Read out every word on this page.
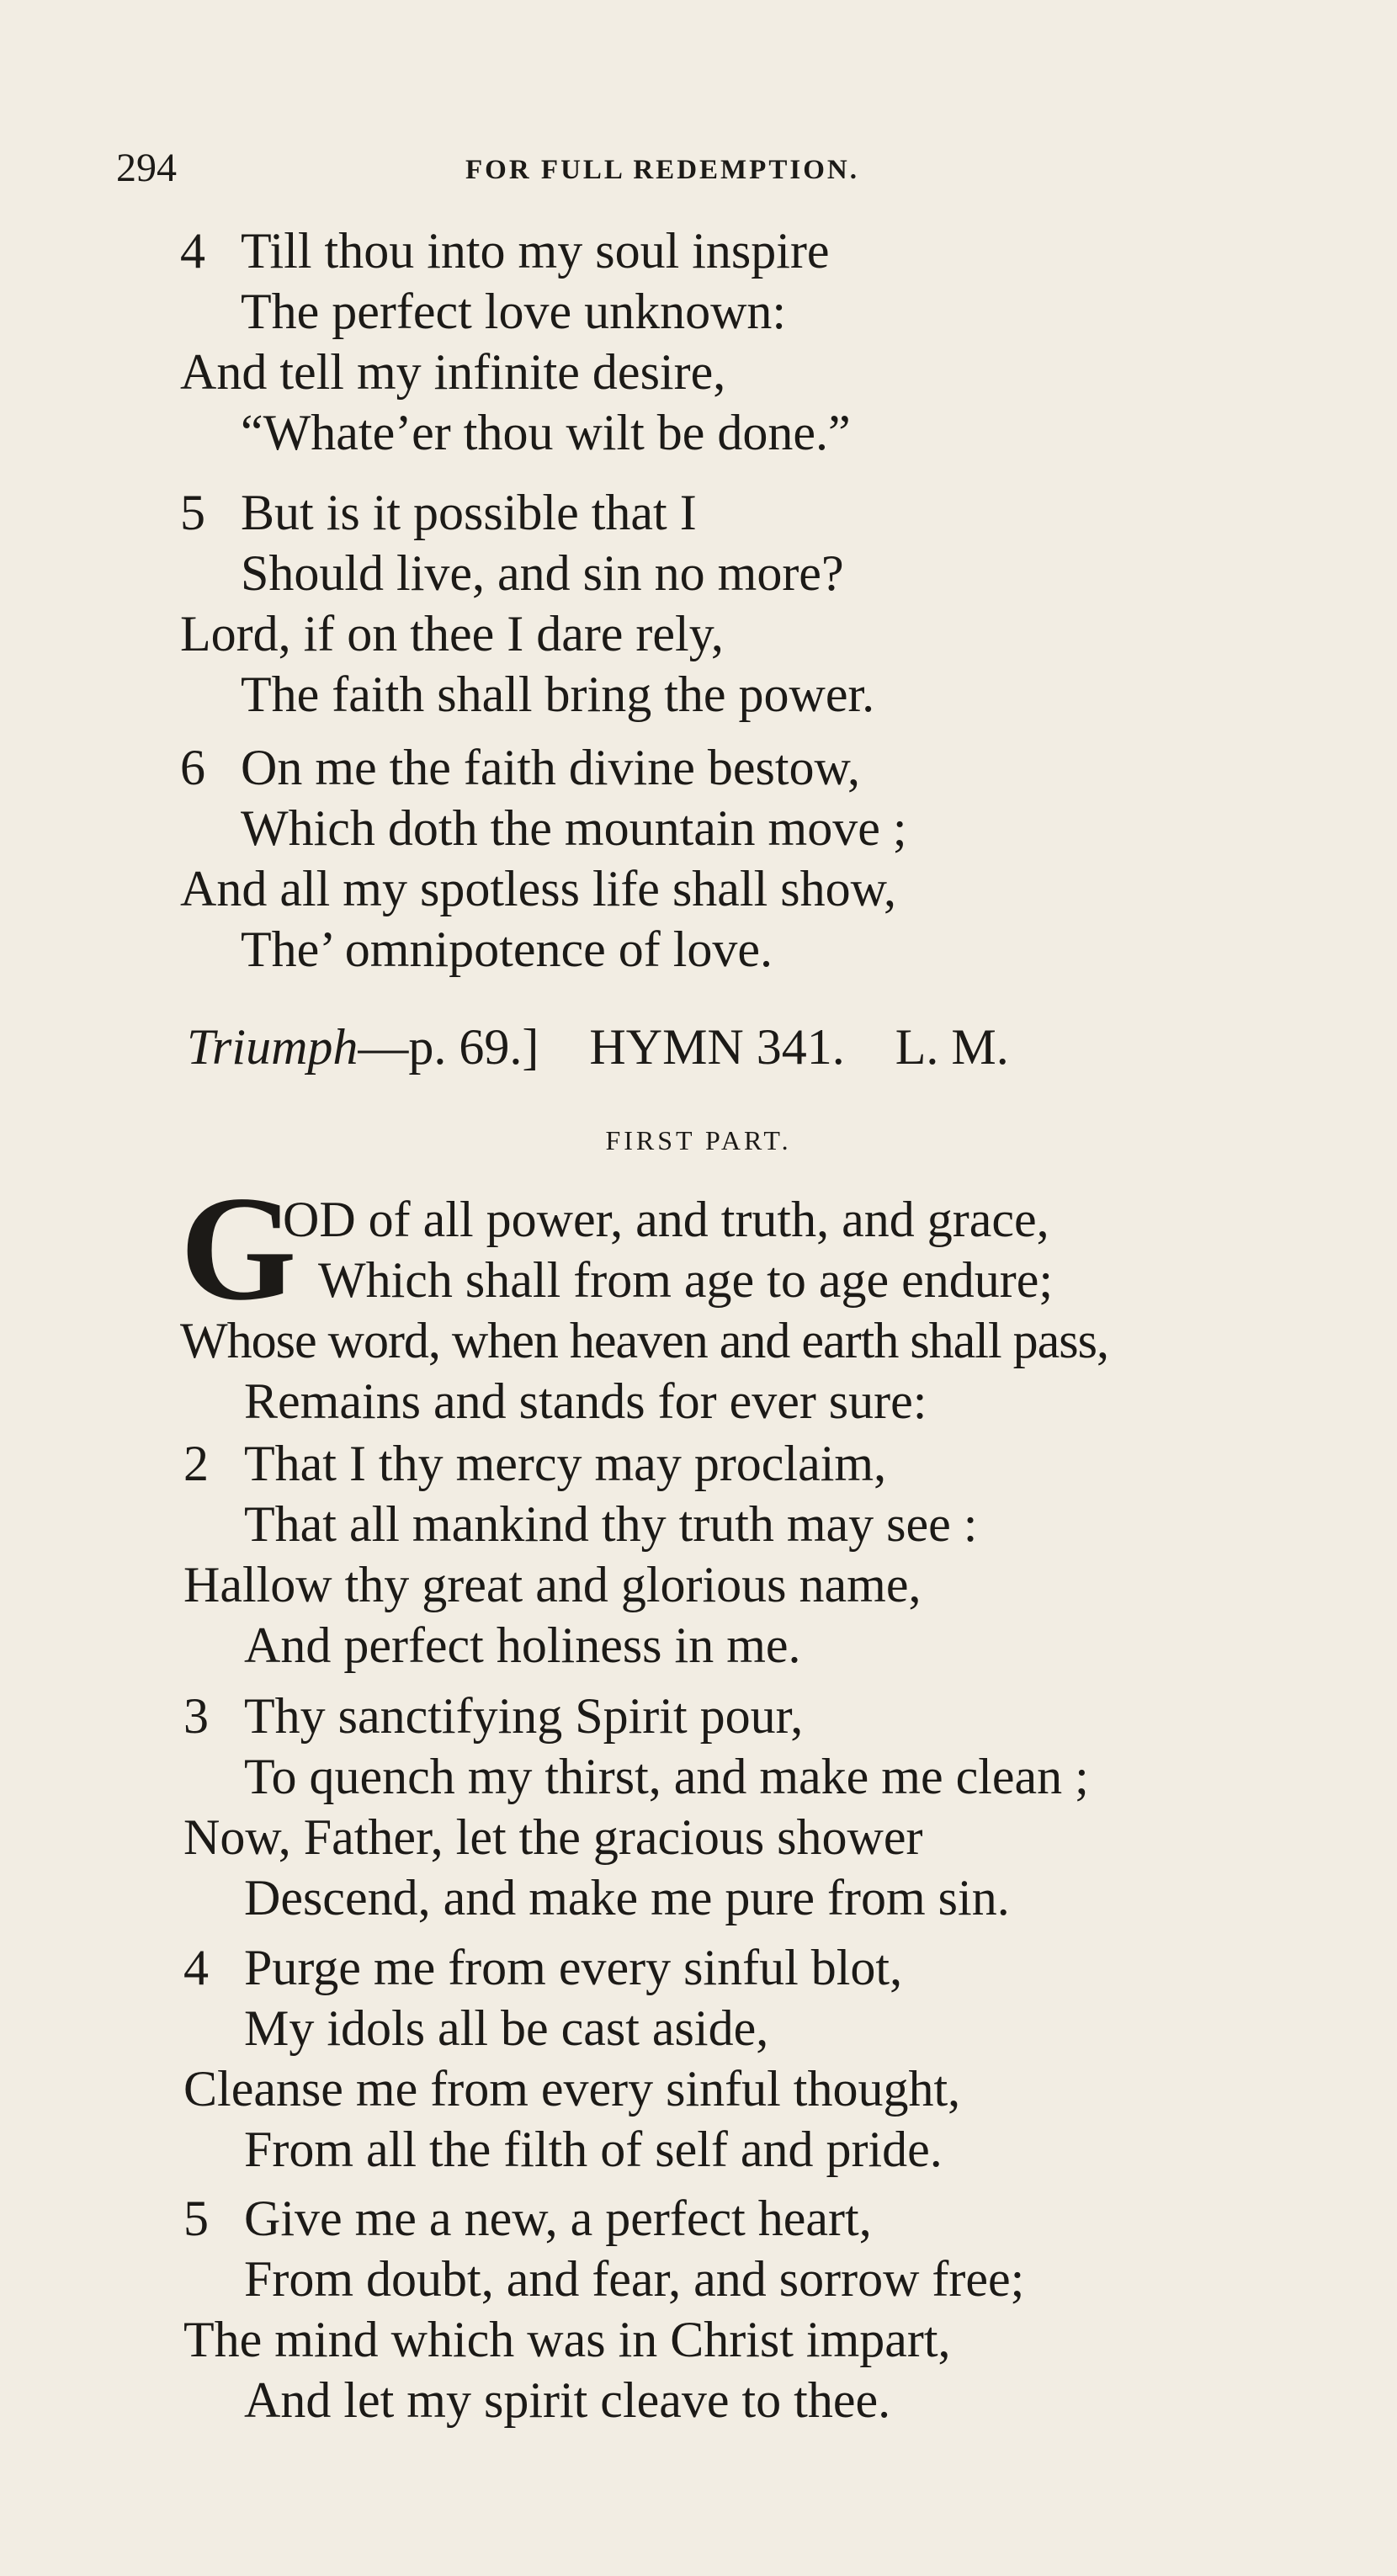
294	FOR FULL REDEMPTION.
4 Till thou into my soul inspire
The perfect love unknown:
And tell my infinite desire,
“Whate’er thou wilt be done.”
5 But is it possible that I
Should live, and sin no more?
Lord, if on thee I dare rely,
The faith shall bring the power.
6 On me the faith divine bestow,
Which doth the mountain move ;
And all my spotless life shall show,
The’ omnipotence of love.
Triumph—p. 69.] HYMN 341. L. M.
FIRST PART.
G
OD of all power, and truth, and grace,
Which shall from age to age endure;
Whose word, when heaven and earth shall pass,
Remains and stands for ever sure:
2 That I thy mercy may proclaim,
That all mankind thy truth may see :
Hallow thy great and glorious name,
And perfect holiness in me.
3 Thy sanctifying Spirit pour,
To quench my thirst, and make me clean ;
Now, Father, let the gracious shower
Descend, and make me pure from sin.
4 Purge me from every sinful blot,
My idols all be cast aside,
Cleanse me from every sinful thought,
From all the filth of self and pride.
5 Give me a new, a perfect heart,
From doubt, and fear, and sorrow free;
The mind which was in Christ impart,
And let my spirit cleave to thee.
